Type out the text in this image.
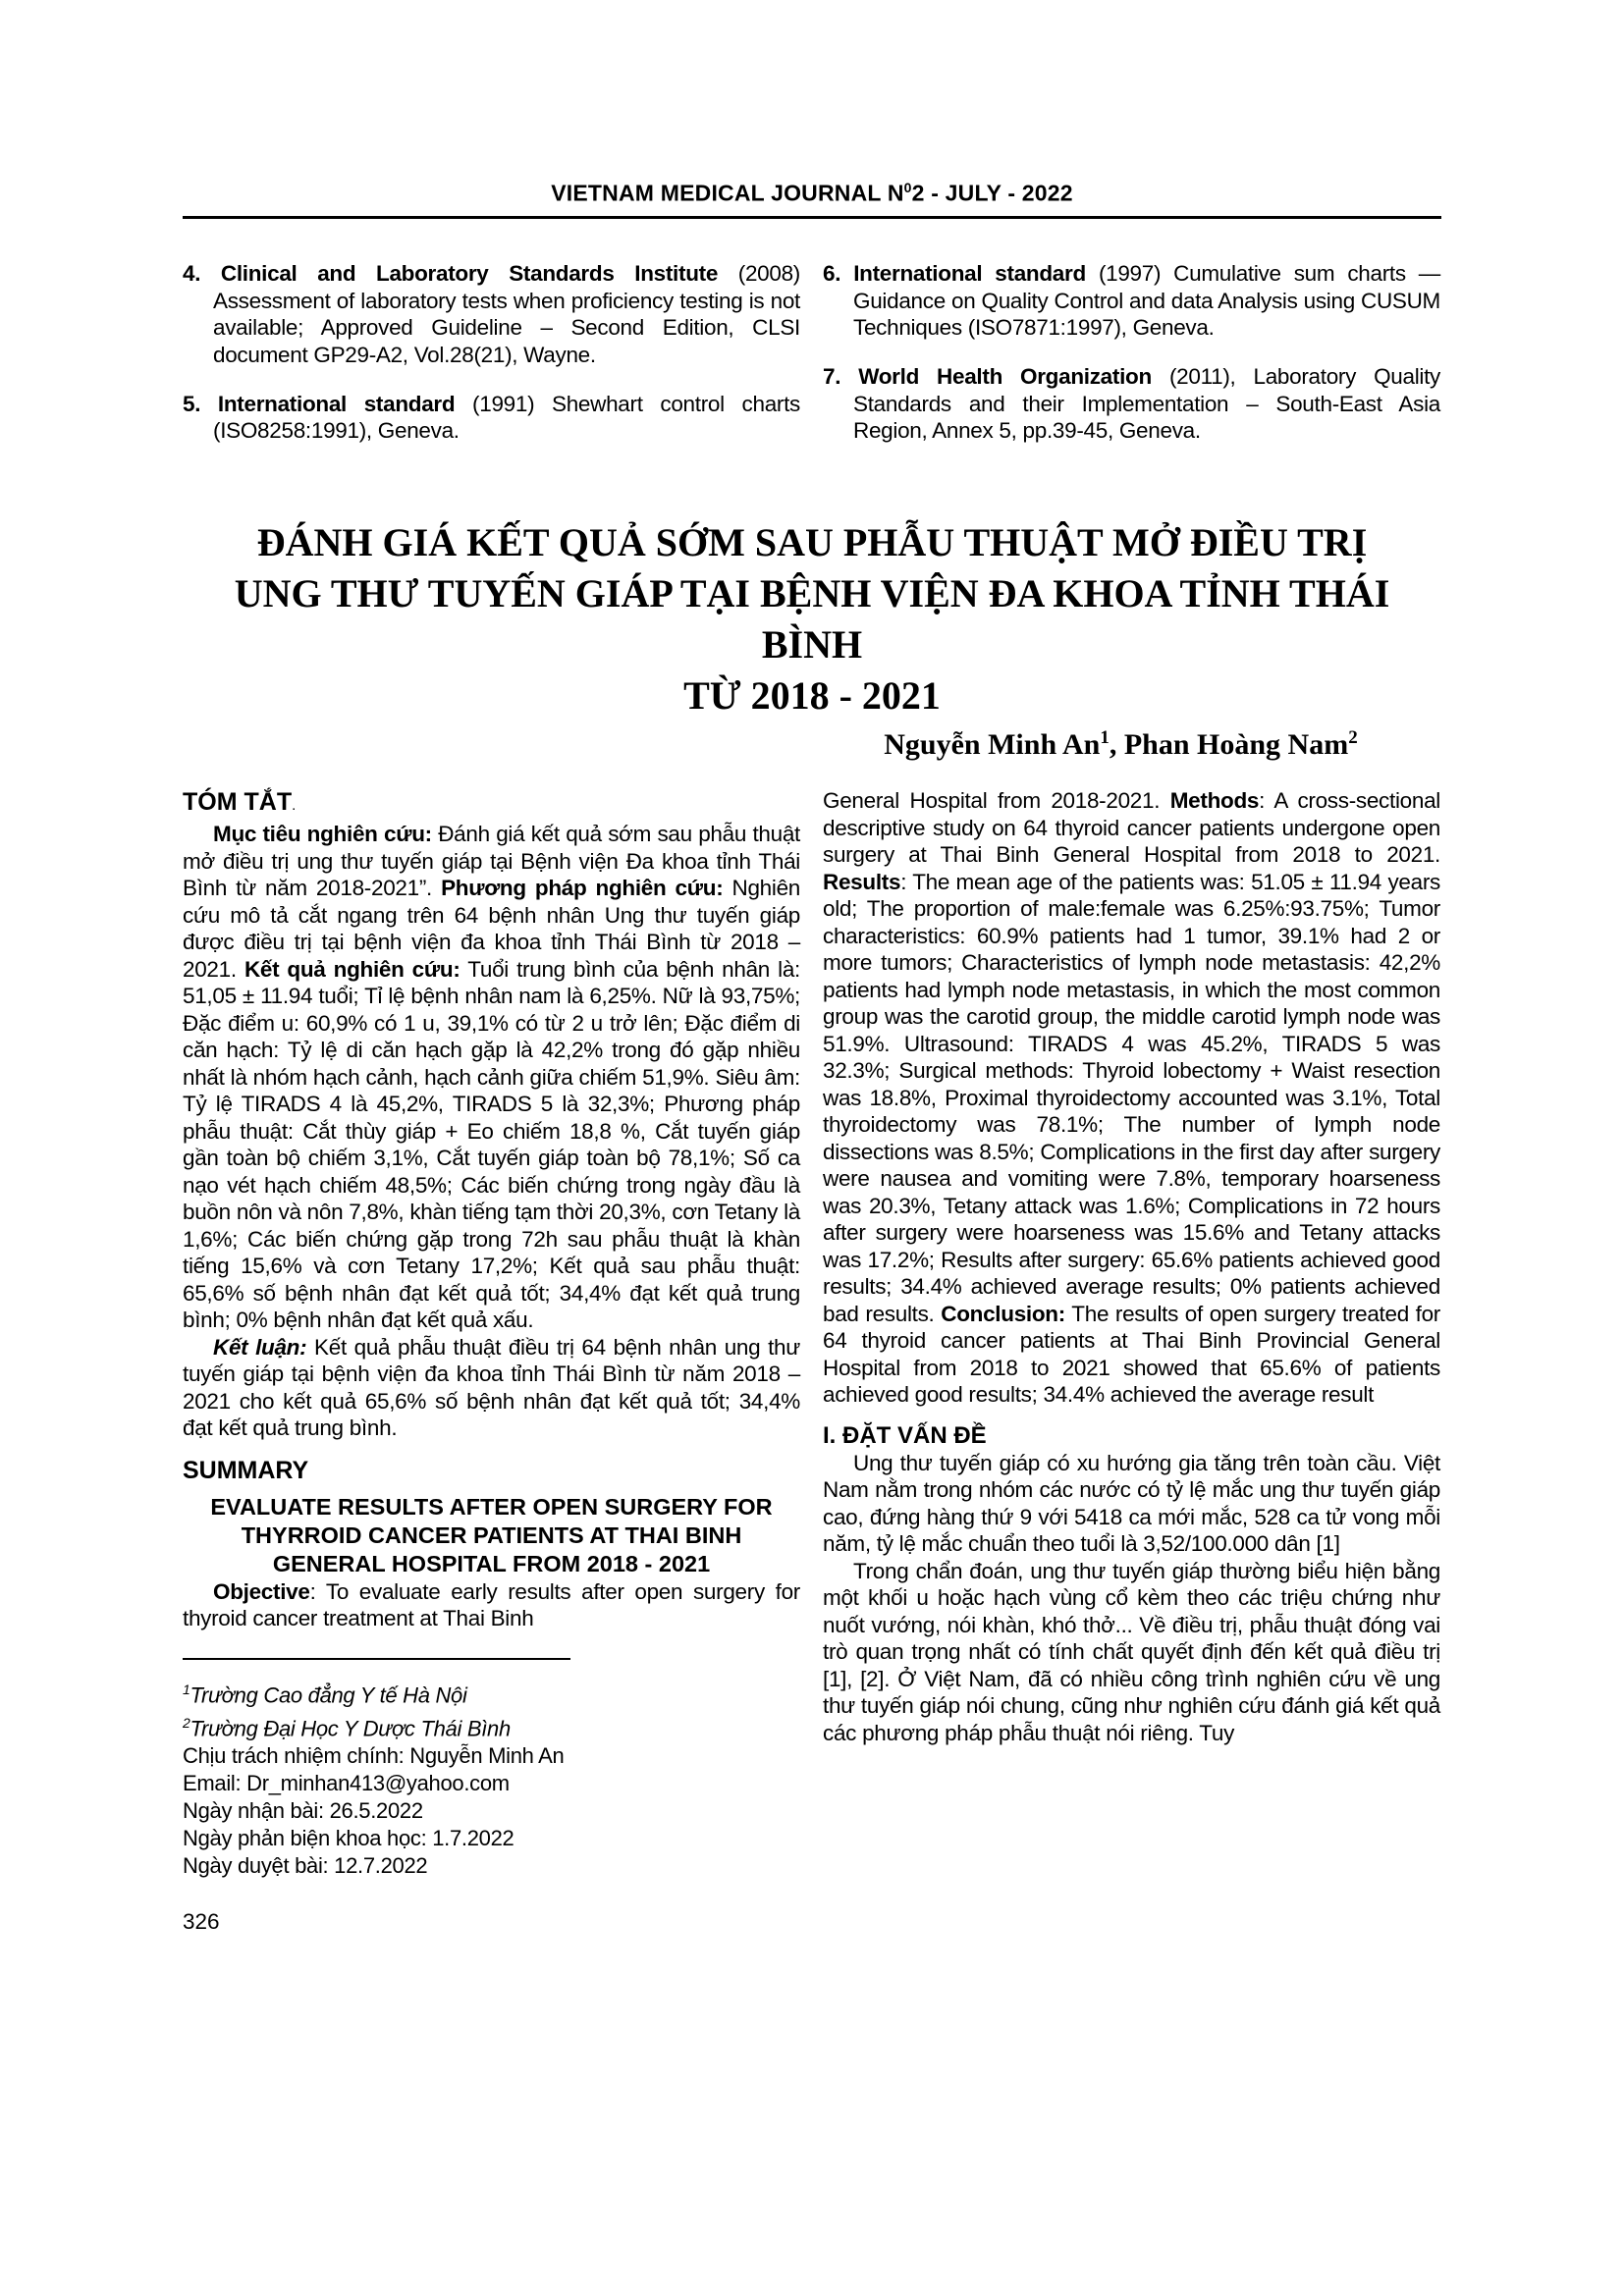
VIETNAM MEDICAL JOURNAL $N^02$ - JULY - 2022

4. Clinical and Laboratory Standards Institute (2008) Assessment of laboratory tests when proficiency testing is not available; Approved Guideline – Second Edition, CLSI document GP29-A2, Vol.28(21), Wayne.

5. International standard (1991) Shewhart control charts (ISO8258:1991), Geneva.

6. International standard (1997) Cumulative sum charts — Guidance on Quality Control and data Analysis using CUSUM Techniques (ISO7871:1997), Geneva.

7. World Health Organization (2011), Laboratory Quality Standards and their Implementation – South-East Asia Region, Annex 5, pp.39-45, Geneva.

ĐÁNH GIÁ KẾT QUẢ SỚM SAU PHẪU THUẬT MỞ ĐIỀU TRỊ
UNG THƯ TUYẾN GIÁP TẠI BỆNH VIỆN ĐA KHOA TỈNH THÁI BÌNH
TỪ 2018 - 2021
Nguyễn Minh An$^1$, Phan Hoàng Nam$^2$
TÓM TẮT.

Mục tiêu nghiên cứu: Đánh giá kết quả sớm sau phẫu thuật mở điều trị ung thư tuyến giáp tại Bệnh viện Đa khoa tỉnh Thái Bình từ năm 2018-2021”. Phương pháp nghiên cứu: Nghiên cứu mô tả cắt ngang trên 64 bệnh nhân Ung thư tuyến giáp được điều trị tại bệnh viện đa khoa tỉnh Thái Bình từ 2018 – 2021. Kết quả nghiên cứu: Tuổi trung bình của bệnh nhân là: 51,05 ± 11.94 tuổi; Tỉ lệ bệnh nhân nam là 6,25%. Nữ là 93,75%; Đặc điểm u: 60,9% có 1 u, 39,1% có từ 2 u trở lên; Đặc điểm di căn hạch: Tỷ lệ di căn hạch gặp là 42,2% trong đó gặp nhiều nhất là nhóm hạch cảnh, hạch cảnh giữa chiếm 51,9%. Siêu âm: Tỷ lệ TIRADS 4 là 45,2%, TIRADS 5 là 32,3%; Phương pháp phẫu thuật: Cắt thùy giáp + Eo chiếm 18,8 %, Cắt tuyến giáp gần toàn bộ chiếm 3,1%, Cắt tuyến giáp toàn bộ 78,1%; Số ca nạo vét hạch chiếm 48,5%; Các biến chứng trong ngày đầu là buồn nôn và nôn 7,8%, khàn tiếng tạm thời 20,3%, cơn Tetany là 1,6%; Các biến chứng gặp trong 72h sau phẫu thuật là khàn tiếng 15,6% và cơn Tetany 17,2%; Kết quả sau phẫu thuật: 65,6% số bệnh nhân đạt kết quả tốt; 34,4% đạt kết quả trung bình; 0% bệnh nhân đạt kết quả xấu.

Kết luận: Kết quả phẫu thuật điều trị 64 bệnh nhân ung thư tuyến giáp tại bệnh viện đa khoa tỉnh Thái Bình từ năm 2018 – 2021 cho kết quả 65,6% số bệnh nhân đạt kết quả tốt; 34,4% đạt kết quả trung bình.

SUMMARY
EVALUATE RESULTS AFTER OPEN SURGERY FOR THYRROID CANCER PATIENTS AT THAI BINH GENERAL HOSPITAL FROM 2018 - 2021

Objective: To evaluate early results after open surgery for thyroid cancer treatment at Thai Binh

$^1$Trường Cao đẳng Y tế Hà Nội
$^2$Trường Đại Học Y Dược Thái Bình
Chịu trách nhiệm chính: Nguyễn Minh An
Email: Dr_minhan413@yahoo.com
Ngày nhận bài: 26.5.2022
Ngày phản biện khoa học: 1.7.2022
Ngày duyệt bài: 12.7.2022
326

General Hospital from 2018-2021. Methods: A cross-sectional descriptive study on 64 thyroid cancer patients undergone open surgery at Thai Binh General Hospital from 2018 to 2021. Results: The mean age of the patients was: 51.05 ± 11.94 years old; The proportion of male:female was 6.25%:93.75%; Tumor characteristics: 60.9% patients had 1 tumor, 39.1% had 2 or more tumors; Characteristics of lymph node metastasis: 42,2% patients had lymph node metastasis, in which the most common group was the carotid group, the middle carotid lymph node was 51.9%. Ultrasound: TIRADS 4 was 45.2%, TIRADS 5 was 32.3%; Surgical methods: Thyroid lobectomy + Waist resection was 18.8%, Proximal thyroidectomy accounted was 3.1%, Total thyroidectomy was 78.1%; The number of lymph node dissections was 8.5%; Complications in the first day after surgery were nausea and vomiting were 7.8%, temporary hoarseness was 20.3%, Tetany attack was 1.6%; Complications in 72 hours after surgery were hoarseness was 15.6% and Tetany attacks was 17.2%; Results after surgery: 65.6% patients achieved good results; 34.4% achieved average results; 0% patients achieved bad results. Conclusion: The results of open surgery treated for 64 thyroid cancer patients at Thai Binh Provincial General Hospital from 2018 to 2021 showed that 65.6% of patients achieved good results; 34.4% achieved the average result

I. ĐẶT VẤN ĐỀ

Ung thư tuyến giáp có xu hướng gia tăng trên toàn cầu. Việt Nam nằm trong nhóm các nước có tỷ lệ mắc ung thư tuyến giáp cao, đứng hàng thứ 9 với 5418 ca mới mắc, 528 ca tử vong mỗi năm, tỷ lệ mắc chuẩn theo tuổi là 3,52/100.000 dân [1]

Trong chẩn đoán, ung thư tuyến giáp thường biểu hiện bằng một khối u hoặc hạch vùng cổ kèm theo các triệu chứng như nuốt vướng, nói khàn, khó thở... Về điều trị, phẫu thuật đóng vai trò quan trọng nhất có tính chất quyết định đến kết quả điều trị [1], [2]. Ở Việt Nam, đã có nhiều công trình nghiên cứu về ung thư tuyến giáp nói chung, cũng như nghiên cứu đánh giá kết quả các phương pháp phẫu thuật nói riêng. Tuy
